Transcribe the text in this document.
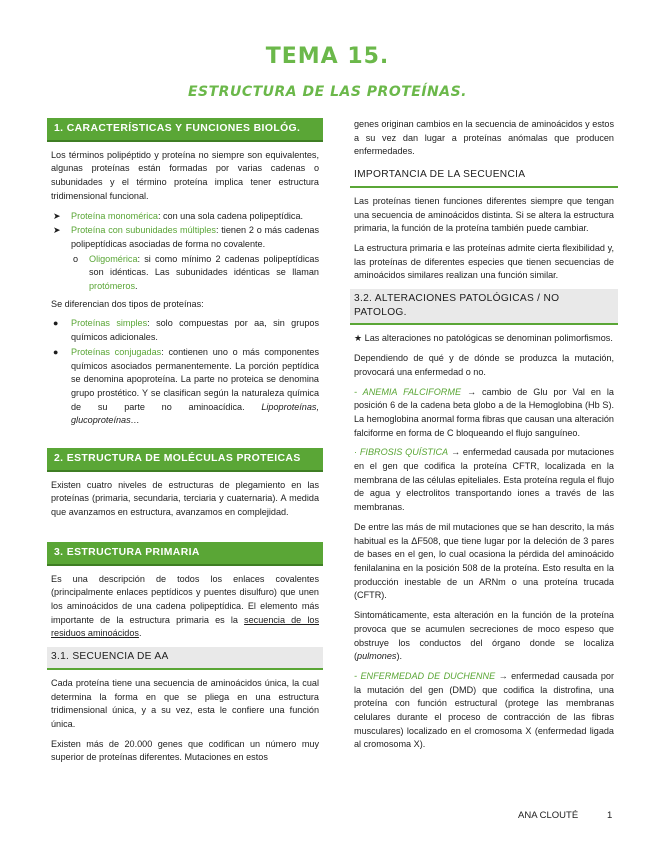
TEMA 15.
ESTRUCTURA DE LAS PROTEÍNAS.
1. CARACTERÍSTICAS Y FUNCIONES BIOLÓG.

Los términos polipéptido y proteína no siempre son equivalentes, algunas proteínas están formadas por varias cadenas o subunidades y el término proteína implica tener estructura tridimensional funcional.

➤ Proteína monomérica: con una sola cadena polipeptídica.
➤ Proteína con subunidades múltiples: tienen 2 o más cadenas polipeptídicas asociadas de forma no covalente.
o Oligomérica: si como mínimo 2 cadenas polipeptídicas son idénticas. Las subunidades idénticas se llaman protómeros.

Se diferencian dos tipos de proteínas:

● Proteínas simples: solo compuestas por aa, sin grupos químicos adicionales.
● Proteínas conjugadas: contienen uno o más componentes químicos asociados permanentemente. La porción peptídica se denomina apoproteína. La parte no proteica se denomina grupo prostético. Y se clasifican según la naturaleza química de su parte no aminoacídica. Lipoproteínas, glucoproteínas…
2. ESTRUCTURA DE MOLÉCULAS PROTEICAS

Existen cuatro niveles de estructuras de plegamiento en las proteínas (primaria, secundaria, terciaria y cuaternaria). A medida que avanzamos en estructura, avanzamos en complejidad.

3. ESTRUCTURA PRIMARIA

Es una descripción de todos los enlaces covalentes (principalmente enlaces peptídicos y puentes disulfuro) que unen los aminoácidos de una cadena polipeptídica. El elemento más importante de la estructura primaria es la secuencia de los residuos aminoácidos.

3.1. SECUENCIA DE AA

Cada proteína tiene una secuencia de aminoácidos única, la cual determina la forma en que se pliega en una estructura tridimensional única, y a su vez, esta le confiere una función única.

Existen más de 20.000 genes que codifican un número muy superior de proteínas diferentes. Mutaciones en estos

genes originan cambios en la secuencia de aminoácidos y estos a su vez dan lugar a proteínas anómalas que producen enfermedades.

IMPORTANCIA DE LA SECUENCIA

Las proteínas tienen funciones diferentes siempre que tengan una secuencia de aminoácidos distinta. Si se altera la estructura primaria, la función de la proteína también puede cambiar.

La estructura primaria e las proteínas admite cierta flexibilidad y, las proteínas de diferentes especies que tienen secuencias de aminoácidos similares realizan una función similar.

3.2. ALTERACIONES PATOLÓGICAS / NO PATOLOG.

★ Las alteraciones no patológicas se denominan polimorfismos.

Dependiendo de qué y de dónde se produzca la mutación, provocará una enfermedad o no.

- ANEMIA FALCIFORME → cambio de Glu por Val en la posición 6 de la cadena beta globo a de la Hemoglobina (Hb S). La hemoglobina anormal forma fibras que causan una alteración falciforme en forma de C bloqueando el flujo sanguíneo.

· FIBROSIS QUÍSTICA → enfermedad causada por mutaciones en el gen que codifica la proteína CFTR, localizada en la membrana de las células epiteliales. Esta proteína regula el flujo de agua y electrolitos transportando iones a través de las membranas.

De entre las más de mil mutaciones que se han descrito, la más habitual es la ΔF508, que tiene lugar por la deleción de 3 pares de bases en el gen, lo cual ocasiona la pérdida del aminoácido fenilalanina en la posición 508 de la proteína. Esto resulta en la producción inestable de un ARNm o una proteína trucada (CFTR).

Sintomáticamente, esta alteración en la función de la proteína provoca que se acumulen secreciones de moco espeso que obstruye los conductos del órgano donde se localiza (pulmones).

- ENFERMEDAD DE DUCHENNE → enfermedad causada por la mutación del gen (DMD) que codifica la distrofina, una proteína con función estructural (protege las membranas celulares durante el proceso de contracción de las fibras musculares) localizado en el cromosoma X (enfermedad ligada al cromosoma X).

ANA CLOUTÉ	1
